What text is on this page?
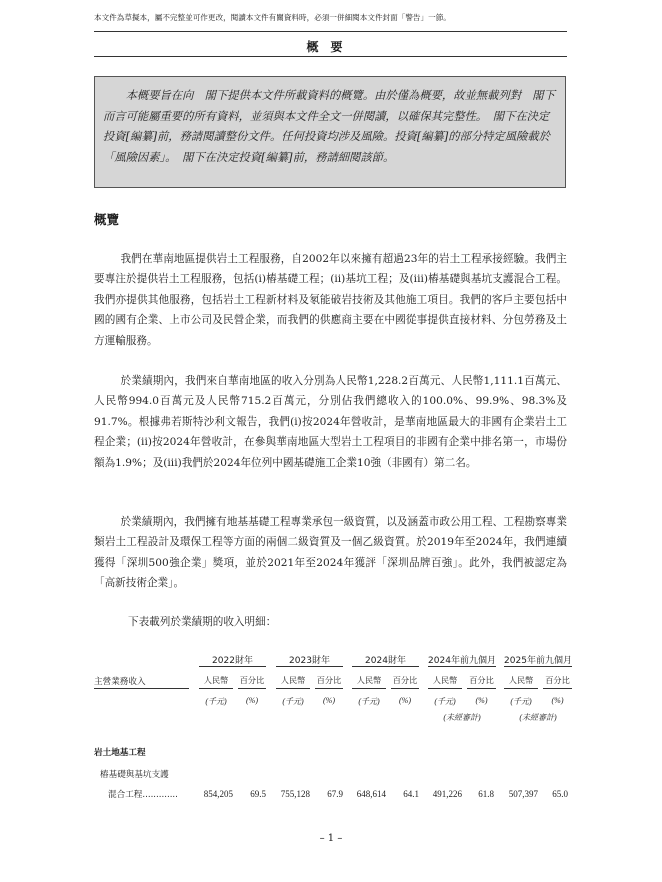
本文件為草擬本，屬不完整並可作更改，閱讀本文件有關資料時，必須一併細閱本文件封面「警告」一節。
概要

本概要旨在向　閣下提供本文件所載資料的概覽。由於僅為概要，故並無載列對　閣下而言可能屬重要的所有資料，並須與本文件全文一併閱讀，以確保其完整性。　閣下在決定投資[編纂]前，務請閱讀整份文件。任何投資均涉及風險。投資[編纂]的部分特定風險載於「風險因素」。　閣下在決定投資[編纂]前，務請細閱該節。

概覽

我們在華南地區提供岩土工程服務，自2002年以來擁有超過23年的岩土工程承接經驗。我們主要專注於提供岩土工程服務，包括(i)樁基礎工程；(ii)基坑工程；及(iii)樁基礎與基坑支護混合工程。我們亦提供其他服務，包括岩土工程新材料及氡能破岩技術及其他施工項目。我們的客戶主要包括中國的國有企業、上市公司及民營企業，而我們的供應商主要在中國從事提供直接材料、分包勞務及土方運輸服務。

於業績期內，我們來自華南地區的收入分別為人民幣1,228.2百萬元、人民幣1,111.1百萬元、人民幣994.0百萬元及人民幣715.2百萬元，分別佔我們總收入的100.0%、99.9%、98.3%及91.7%。根據弗若斯特沙利文報告，我們(i)按2024年營收計，是華南地區最大的非國有企業岩土工程企業；(ii)按2024年營收計，在參與華南地區大型岩土工程項目的非國有企業中排名第一，市場份額為1.9%；及(iii)我們於2024年位列中國基礎施工企業10強（非國有）第二名。

於業績期內，我們擁有地基基礎工程專業承包一級資質，以及涵蓋市政公用工程、工程勘察專業類岩土工程設計及環保工程等方面的兩個二級資質及一個乙級資質。於2019年至2024年，我們連續獲得「深圳500強企業」獎項，並於2021年至2024年獲評「深圳品牌百強」。此外，我們被認定為「高新技術企業」。

下表載列於業績期的收入明細：
2022財年	2023財年	2024財年	2024年前九個月 2025年前九個月
主營業務收入	人民幣	百分比	人民幣	百分比	人民幣	百分比	人民幣	百分比	人民幣	百分比
(千元)	(%)	(千元)	(%)	(千元)	(%)	(千元)	(%)	(千元)	(%)
(未經審計)	(未經審計)
岩土地基工程
樁基礎與基坑支護
混合工程.............	854,205	69.5	755,128	67.9	648,614	64.1	491,226	61.8	507,397	65.0
– 1 –
